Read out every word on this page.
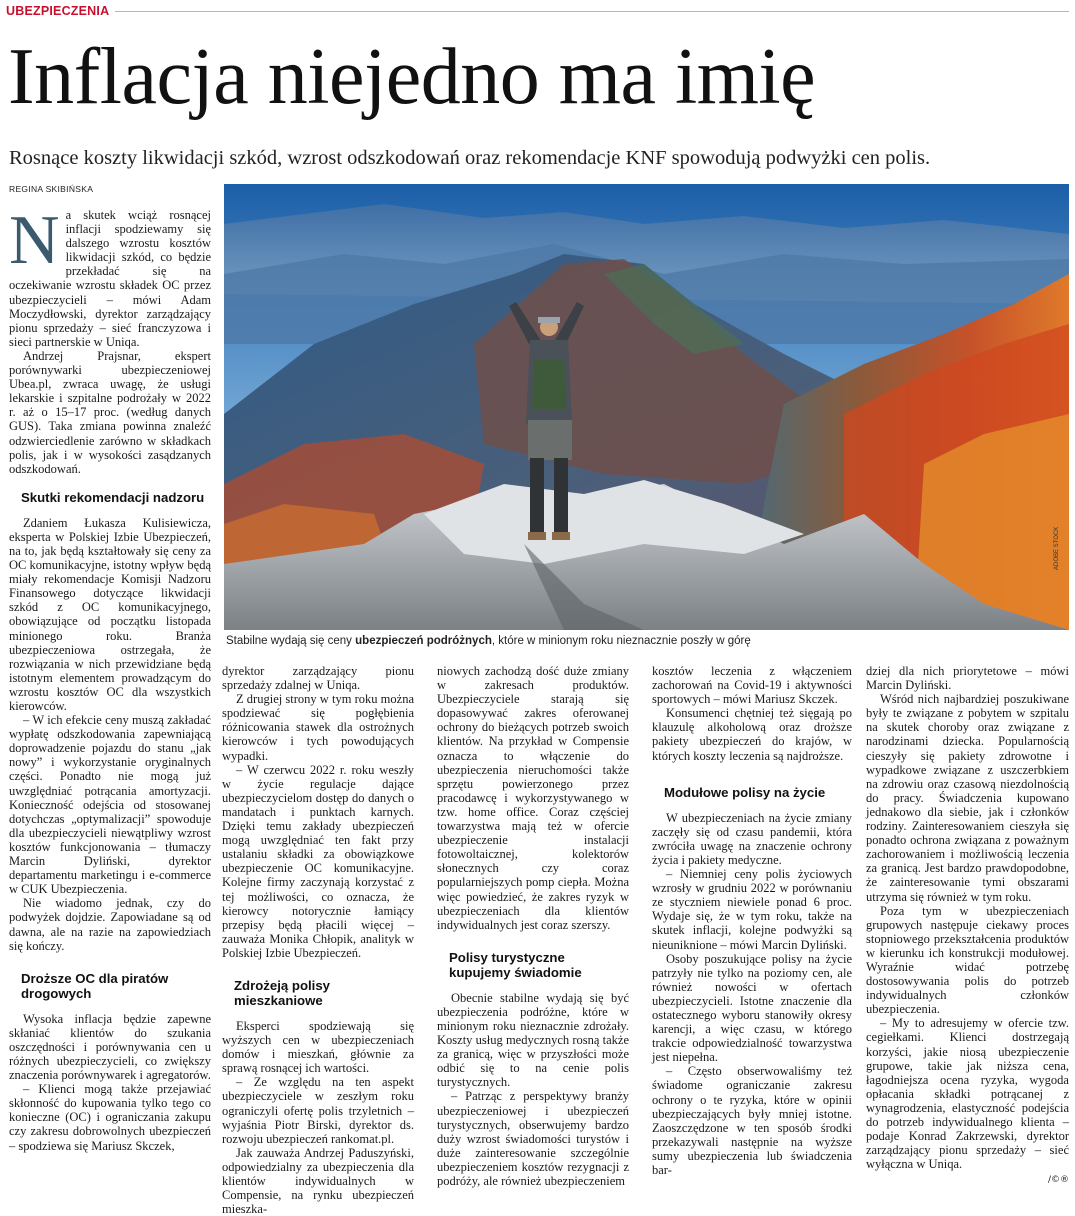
UBEZPIECZENIA
Inflacja niejedno ma imię
Rosnące koszty likwidacji szkód, wzrost odszkodowań oraz rekomendacje KNF spowodują podwyżki cen polis.
REGINA SKIBIŃSKA
ADOBE STOCK
Stabilne wydają się ceny ubezpieczeń podróżnych, które w minionym roku nieznacznie poszły w górę
N a skutek wciąż rosnącej inflacji spodziewamy się dalszego wzrostu kosztów likwidacji szkód, co będzie przekładać się na oczekiwanie wzrostu składek OC przez ubezpieczycieli – mówi Adam Moczydłowski, dyrektor zarządzający pionu sprzedaży – sieć franczyzowa i sieci partnerskie w Uniqa.

Andrzej Prajsnar, ekspert porównywarki ubezpieczeniowej Ubea.pl, zwraca uwagę, że usługi lekarskie i szpitalne podrożały w 2022 r. aż o 15–17 proc. (według danych GUS). Taka zmiana powinna znaleźć odzwierciedlenie zarówno w składkach polis, jak i w wysokości zasądzanych odszkodowań.

Skutki rekomendacji nadzoru

Zdaniem Łukasza Kulisiewicza, eksperta w Polskiej Izbie Ubezpieczeń, na to, jak będą kształtowały się ceny za OC komunikacyjne, istotny wpływ będą miały rekomendacje Komisji Nadzoru Finansowego dotyczące likwidacji szkód z OC komunikacyjnego, obowiązujące od początku listopada minionego roku. Branża ubezpieczeniowa ostrzegała, że rozwiązania w nich przewidziane będą istotnym elementem prowadzącym do wzrostu kosztów OC dla wszystkich kierowców.

– W ich efekcie ceny muszą zakładać wypłatę odszkodowania zapewniającą doprowadzenie pojazdu do stanu „jak nowy” i wykorzystanie oryginalnych części. Ponadto nie mogą już uwzględniać potrącania amortyzacji. Konieczność odejścia od stosowanej dotychczas „optymalizacji” spowoduje dla ubezpieczycieli niewątpliwy wzrost kosztów funkcjonowania – tłumaczy Marcin Dyliński, dyrektor departamentu marketingu i e-commerce w CUK Ubezpieczenia.

Nie wiadomo jednak, czy do podwyżek dojdzie. Zapowiadane są od dawna, ale na razie na zapowiedziach się kończy.

Droższe OC dla piratów drogowych

Wysoka inflacja będzie zapewne skłaniać klientów do szukania oszczędności i porównywania cen u różnych ubezpieczycieli, co zwiększy znaczenia porównywarek i agregatorów.

– Klienci mogą także przejawiać skłonność do kupowania tylko tego co konieczne (OC) i ograniczania zakupu czy zakresu dobrowolnych ubezpieczeń – spodziewa się Mariusz Skczek,

dyrektor zarządzający pionu sprzedaży zdalnej w Uniqa.

Z drugiej strony w tym roku można spodziewać się pogłębienia różnicowania stawek dla ostrożnych kierowców i tych powodujących wypadki.

– W czerwcu 2022 r. roku weszły w życie regulacje dające ubezpieczycielom dostęp do danych o mandatach i punktach karnych. Dzięki temu zakłady ubezpieczeń mogą uwzględniać ten fakt przy ustalaniu składki za obowiązkowe ubezpieczenie OC komunikacyjne. Kolejne firmy zaczynają korzystać z tej możliwości, co oznacza, że kierowcy notorycznie łamiący przepisy będą płacili więcej – zauważa Monika Chłopik, analityk w Polskiej Izbie Ubezpieczeń.

Zdrożeją polisy mieszkaniowe

Eksperci spodziewają się wyższych cen w ubezpieczeniach domów i mieszkań, głównie za sprawą rosnącej ich wartości.

– Ze względu na ten aspekt ubezpieczyciele w zeszłym roku ograniczyli ofertę polis trzyletnich – wyjaśnia Piotr Birski, dyrektor ds. rozwoju ubezpieczeń rankomat.pl.

Jak zauważa Andrzej Paduszyński, odpowiedzialny za ubezpieczenia dla klientów indywidualnych w Compensie, na rynku ubezpieczeń mieszka-

niowych zachodzą dość duże zmiany w zakresach produktów. Ubezpieczyciele starają się dopasowywać zakres oferowanej ochrony do bieżących potrzeb swoich klientów. Na przykład w Compensie oznacza to włączenie do ubezpieczenia nieruchomości także sprzętu powierzonego przez pracodawcę i wykorzystywanego w tzw. home office. Coraz częściej towarzystwa mają też w ofercie ubezpieczenie instalacji fotowoltaicznej, kolektorów słonecznych czy coraz popularniejszych pomp ciepła. Można więc powiedzieć, że zakres ryzyk w ubezpieczeniach dla klientów indywidualnych jest coraz szerszy.

Polisy turystyczne kupujemy świadomie

Obecnie stabilne wydają się być ubezpieczenia podróżne, które w minionym roku nieznacznie zdrożały. Koszty usług medycznych rosną także za granicą, więc w przyszłości może odbić się to na cenie polis turystycznych.

– Patrząc z perspektywy branży ubezpieczeniowej i ubezpieczeń turystycznych, obserwujemy bardzo duży wzrost świadomości turystów i duże zainteresowanie szczególnie ubezpieczeniem kosztów rezygnacji z podróży, ale również ubezpieczeniem

kosztów leczenia z włączeniem zachorowań na Covid-19 i aktywności sportowych – mówi Mariusz Skczek.

Konsumenci chętniej też sięgają po klauzulę alkoholową oraz droższe pakiety ubezpieczeń do krajów, w których koszty leczenia są najdroższe.

Modułowe polisy na życie

W ubezpieczeniach na życie zmiany zaczęły się od czasu pandemii, która zwróciła uwagę na znaczenie ochrony życia i pakiety medyczne.

– Niemniej ceny polis życiowych wzrosły w grudniu 2022 w porównaniu ze styczniem niewiele ponad 6 proc. Wydaje się, że w tym roku, także na skutek inflacji, kolejne podwyżki są nieuniknione – mówi Marcin Dyliński.

Osoby poszukujące polisy na życie patrzyły nie tylko na poziomy cen, ale również nowości w ofertach ubezpieczycieli. Istotne znaczenie dla ostatecznego wyboru stanowiły okresy karencji, a więc czasu, w którego trakcie odpowiedzialność towarzystwa jest niepełna.

– Często obserwowaliśmy też świadome ograniczanie zakresu ochrony o te ryzyka, które w opinii ubezpieczających były mniej istotne. Zaoszczędzone w ten sposób środki przekazywali następnie na wyższe sumy ubezpieczenia lub świadczenia bar-

dziej dla nich priorytetowe – mówi Marcin Dyliński.

Wśród nich najbardziej poszukiwane były te związane z pobytem w szpitalu na skutek choroby oraz związane z narodzinami dziecka. Popularnością cieszyły się pakiety zdrowotne i wypadkowe związane z uszczerbkiem na zdrowiu oraz czasową niezdolnością do pracy. Świadczenia kupowano jednakowo dla siebie, jak i członków rodziny. Zainteresowaniem cieszyła się ponadto ochrona związana z poważnym zachorowaniem i możliwością leczenia za granicą. Jest bardzo prawdopodobne, że zainteresowanie tymi obszarami utrzyma się również w tym roku.

Poza tym w ubezpieczeniach grupowych następuje ciekawy proces stopniowego przekształcenia produktów w kierunku ich konstrukcji modułowej. Wyraźnie widać potrzebę dostosowywania polis do potrzeb indywidualnych członków ubezpieczenia.

– My to adresujemy w ofercie tzw. cegiełkami. Klienci dostrzegają korzyści, jakie niosą ubezpieczenie grupowe, takie jak niższa cena, łagodniejsza ocena ryzyka, wygoda opłacania składki potrącanej z wynagrodzenia, elastyczność podejścia do potrzeb indywidualnego klienta – podaje Konrad Zakrzewski, dyrektor zarządzający pionu sprzedaży – sieć wyłączna w Uniqa.

/©®
